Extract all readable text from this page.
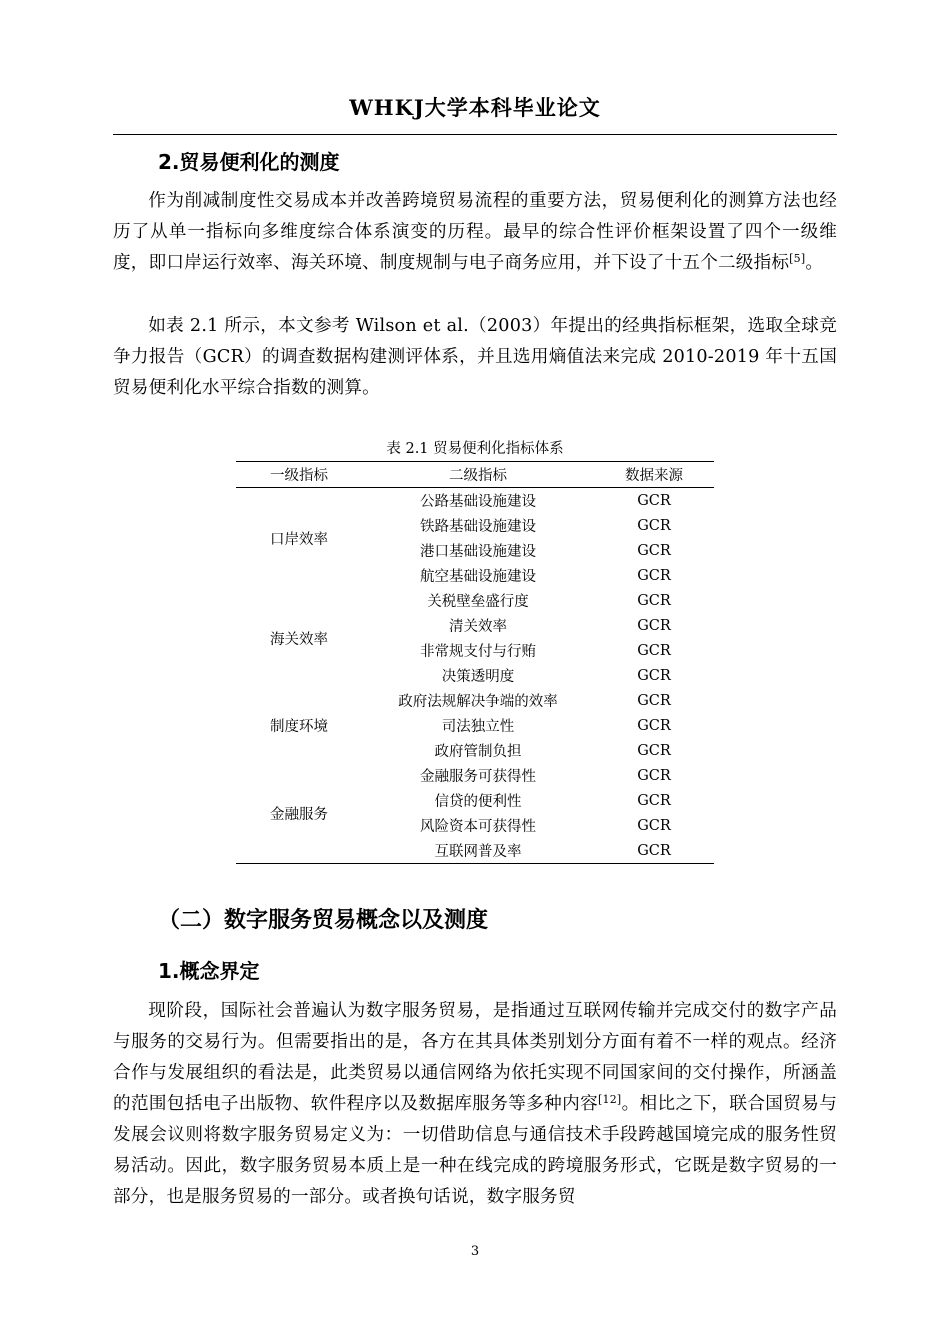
WHKJ大学本科毕业论文
2.贸易便利化的测度

作为削减制度性交易成本并改善跨境贸易流程的重要方法，贸易便利化的测算方法也经历了从单一指标向多维度综合体系演变的历程。最早的综合性评价框架设置了四个一级维度，即口岸运行效率、海关环境、制度规制与电子商务应用，并下设了十五个二级指标[5]。

如表 2.1 所示，本文参考 Wilson et al.（2003）年提出的经典指标框架，选取全球竞争力报告（GCR）的调查数据构建测评体系，并且选用熵值法来完成 2010-2019 年十五国贸易便利化水平综合指数的测算。

表 2.1 贸易便利化指标体系
一级指标	二级指标	数据来源
口岸效率	公路基础设施建设	GCR
	铁路基础设施建设	GCR
	港口基础设施建设	GCR
	航空基础设施建设	GCR
海关效率	关税壁垒盛行度	GCR
	清关效率	GCR
	非常规支付与行贿	GCR
	决策透明度	GCR
制度环境	政府法规解决争端的效率	GCR
	司法独立性	GCR
	政府管制负担	GCR
金融服务	金融服务可获得性	GCR
	信贷的便利性	GCR
	风险资本可获得性	GCR
	互联网普及率	GCR
（二）数字服务贸易概念以及测度
1.概念界定

现阶段，国际社会普遍认为数字服务贸易，是指通过互联网传输并完成交付的数字产品与服务的交易行为。但需要指出的是，各方在其具体类别划分方面有着不一样的观点。经济合作与发展组织的看法是，此类贸易以通信网络为依托实现不同国家间的交付操作，所涵盖的范围包括电子出版物、软件程序以及数据库服务等多种内容[12]。相比之下，联合国贸易与发展会议则将数字服务贸易定义为：一切借助信息与通信技术手段跨越国境完成的服务性贸易活动。因此，数字服务贸易本质上是一种在线完成的跨境服务形式，它既是数字贸易的一部分，也是服务贸易的一部分。或者换句话说，数字服务贸

3
